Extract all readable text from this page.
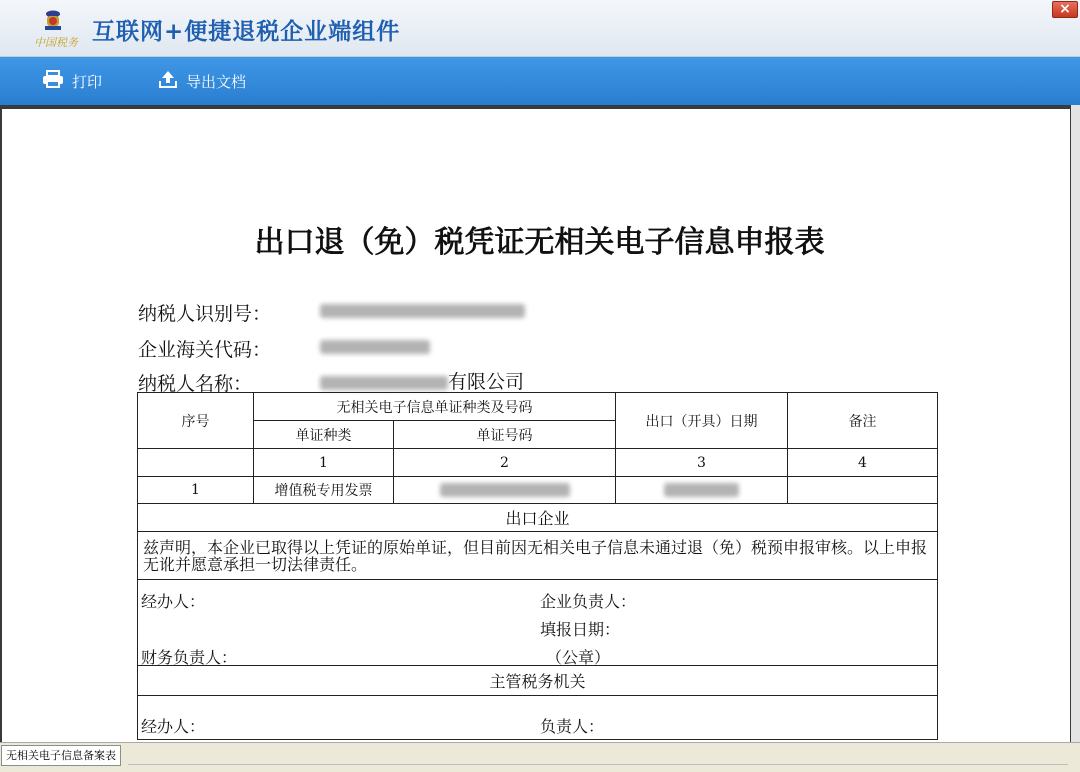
中国税务 互联网+便捷退税企业端组件
×
打印	导出文档
出口退（免）税凭证无相关电子信息申报表
纳税人识别号：
企业海关代码：
纳税人名称：	有限公司
序号	无相关电子信息单证种类及号码		出口（开具）日期	备注
	单证种类	单证号码		
	1	2	3	4
1	增值税专用发票			
出口企业				
兹声明，本企业已取得以上凭证的原始单证，但目前因无相关电子信息未通过退（免）税预申报审核。以上申报无讹并愿意承担一切法律责任。				

经办人： 企业负责人：
填报日期：
财务负责人： （公章）				

主管税务机关				

经办人： 负责人：				
无相关电子信息备案表
